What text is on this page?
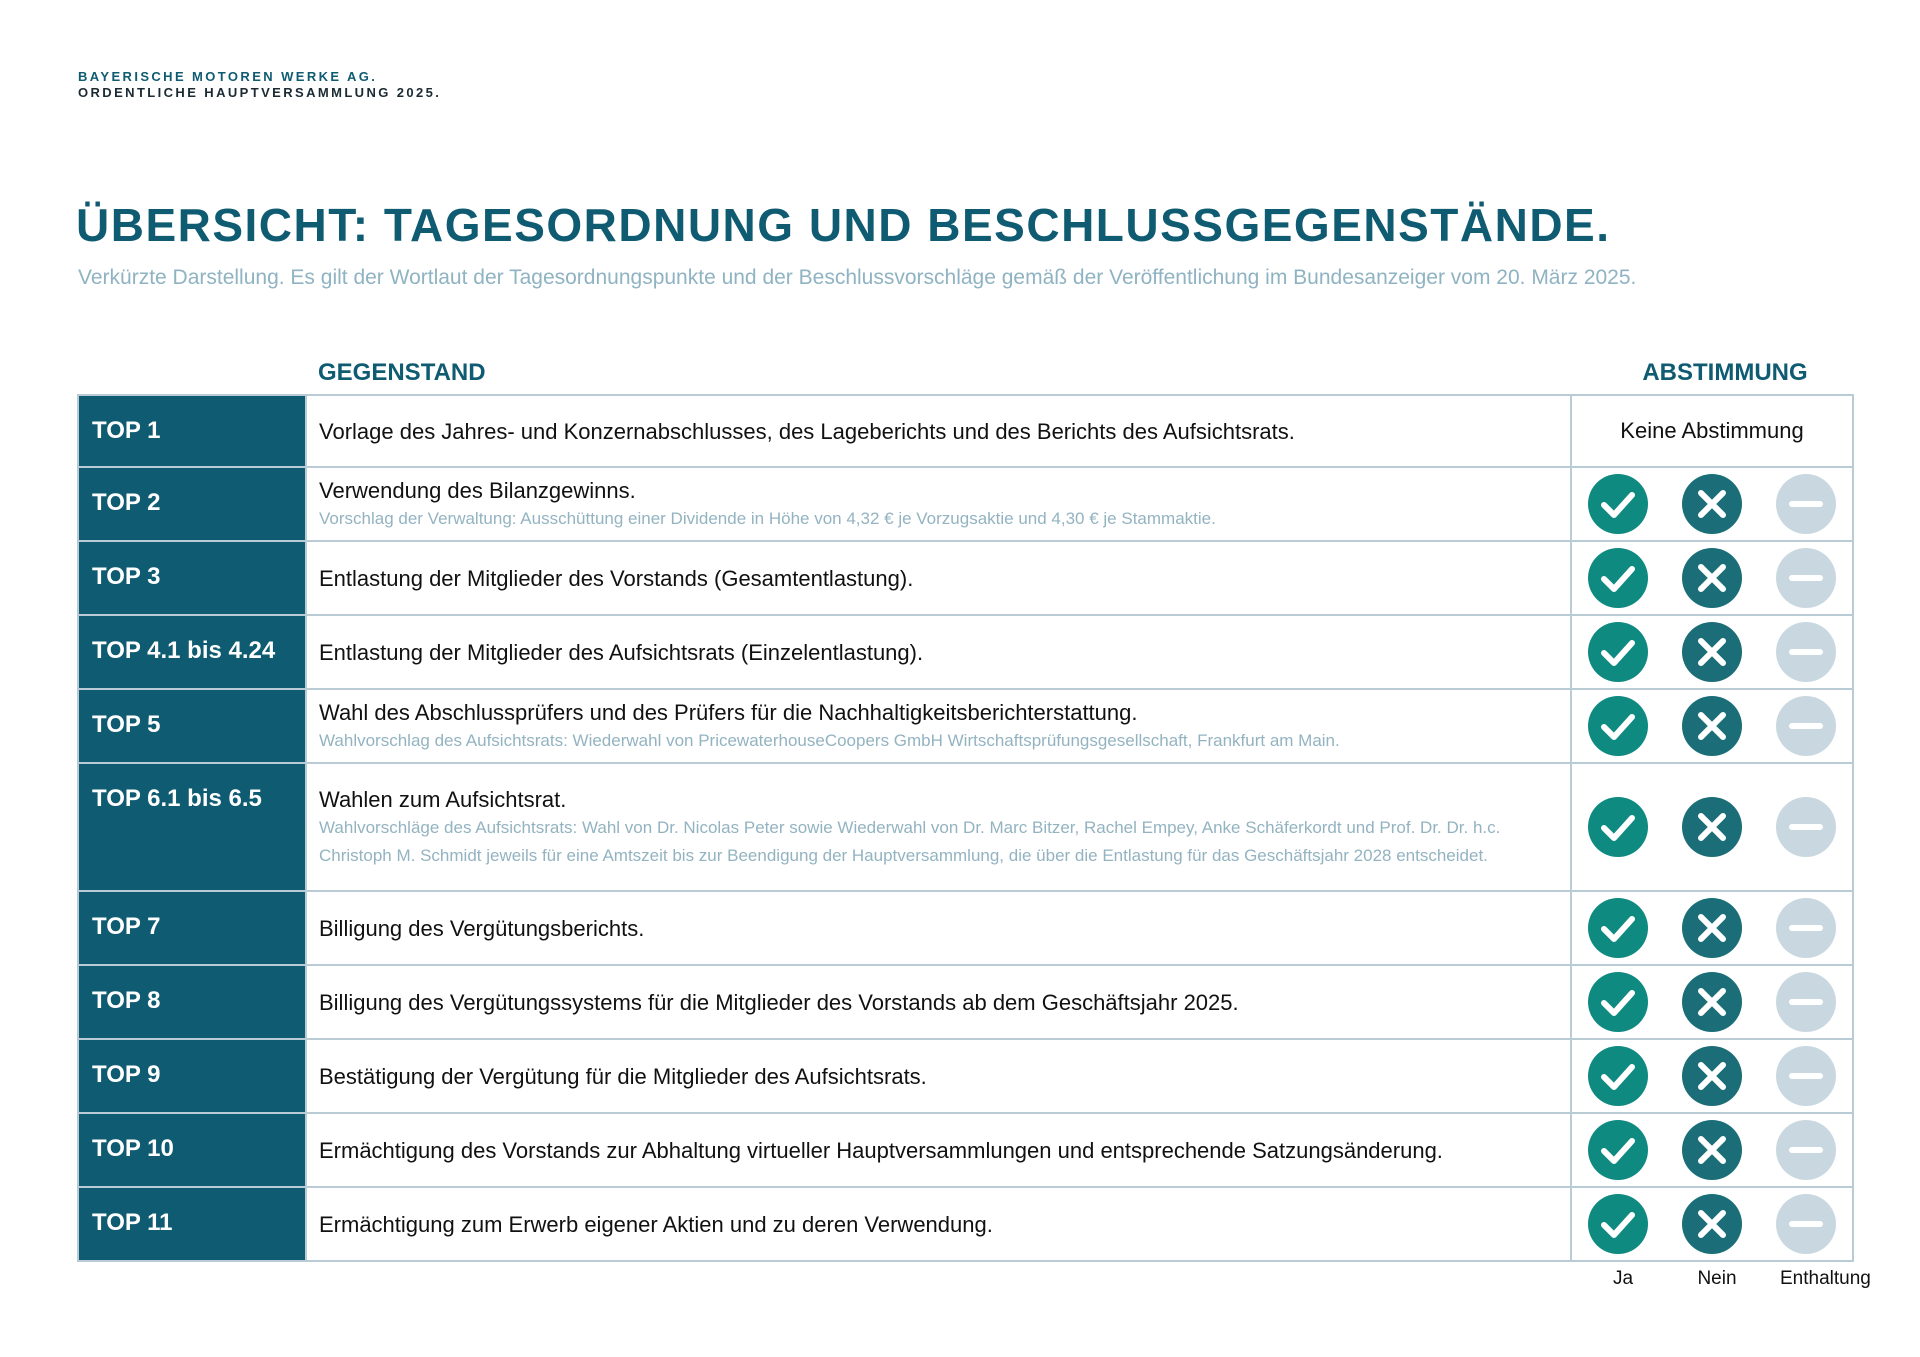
BAYERISCHE MOTOREN WERKE AG.
ORDENTLICHE HAUPTVERSAMMLUNG 2025.
ÜBERSICHT: TAGESORDNUNG UND BESCHLUSSGEGENSTÄNDE.
Verkürzte Darstellung. Es gilt der Wortlaut der Tagesordnungspunkte und der Beschlussvorschläge gemäß der Veröffentlichung im Bundesanzeiger vom 20. März 2025.
GEGENSTAND	ABSTIMMUNG
TOP 1	Vorlage des Jahres- und Konzernabschlusses, des Lageberichts und des Berichts des Aufsichtsrats.	Keine Abstimmung
TOP 2	Verwendung des Bilanzgewinns.
Vorschlag der Verwaltung: Ausschüttung einer Dividende in Höhe von 4,32 € je Vorzugsaktie und 4,30 € je Stammaktie.

TOP 3	Entlastung der Mitglieder des Vorstands (Gesamtentlastung).

TOP 4.1 bis 4.24	Entlastung der Mitglieder des Aufsichtsrats (Einzelentlastung).

TOP 5	Wahl des Abschlussprüfers und des Prüfers für die Nachhaltigkeitsberichterstattung.
Wahlvorschlag des Aufsichtsrats: Wiederwahl von PricewaterhouseCoopers GmbH Wirtschaftsprüfungsgesellschaft, Frankfurt am Main.

TOP 6.1 bis 6.5	Wahlen zum Aufsichtsrat.
Wahlvorschläge des Aufsichtsrats: Wahl von Dr. Nicolas Peter sowie Wiederwahl von Dr. Marc Bitzer, Rachel Empey, Anke Schäferkordt und Prof. Dr. Dr. h.c. Christoph M. Schmidt jeweils für eine Amtszeit bis zur Beendigung der Hauptversammlung, die über die Entlastung für das Geschäftsjahr 2028 entscheidet.

TOP 7	Billigung des Vergütungsberichts.

TOP 8	Billigung des Vergütungssystems für die Mitglieder des Vorstands ab dem Geschäftsjahr 2025.

TOP 9	Bestätigung der Vergütung für die Mitglieder des Aufsichtsrats.

TOP 10	Ermächtigung des Vorstands zur Abhaltung virtueller Hauptversammlungen und entsprechende Satzungsänderung.

TOP 11	Ermächtigung zum Erwerb eigener Aktien und zu deren Verwendung.

Ja	Nein	Enthaltung
